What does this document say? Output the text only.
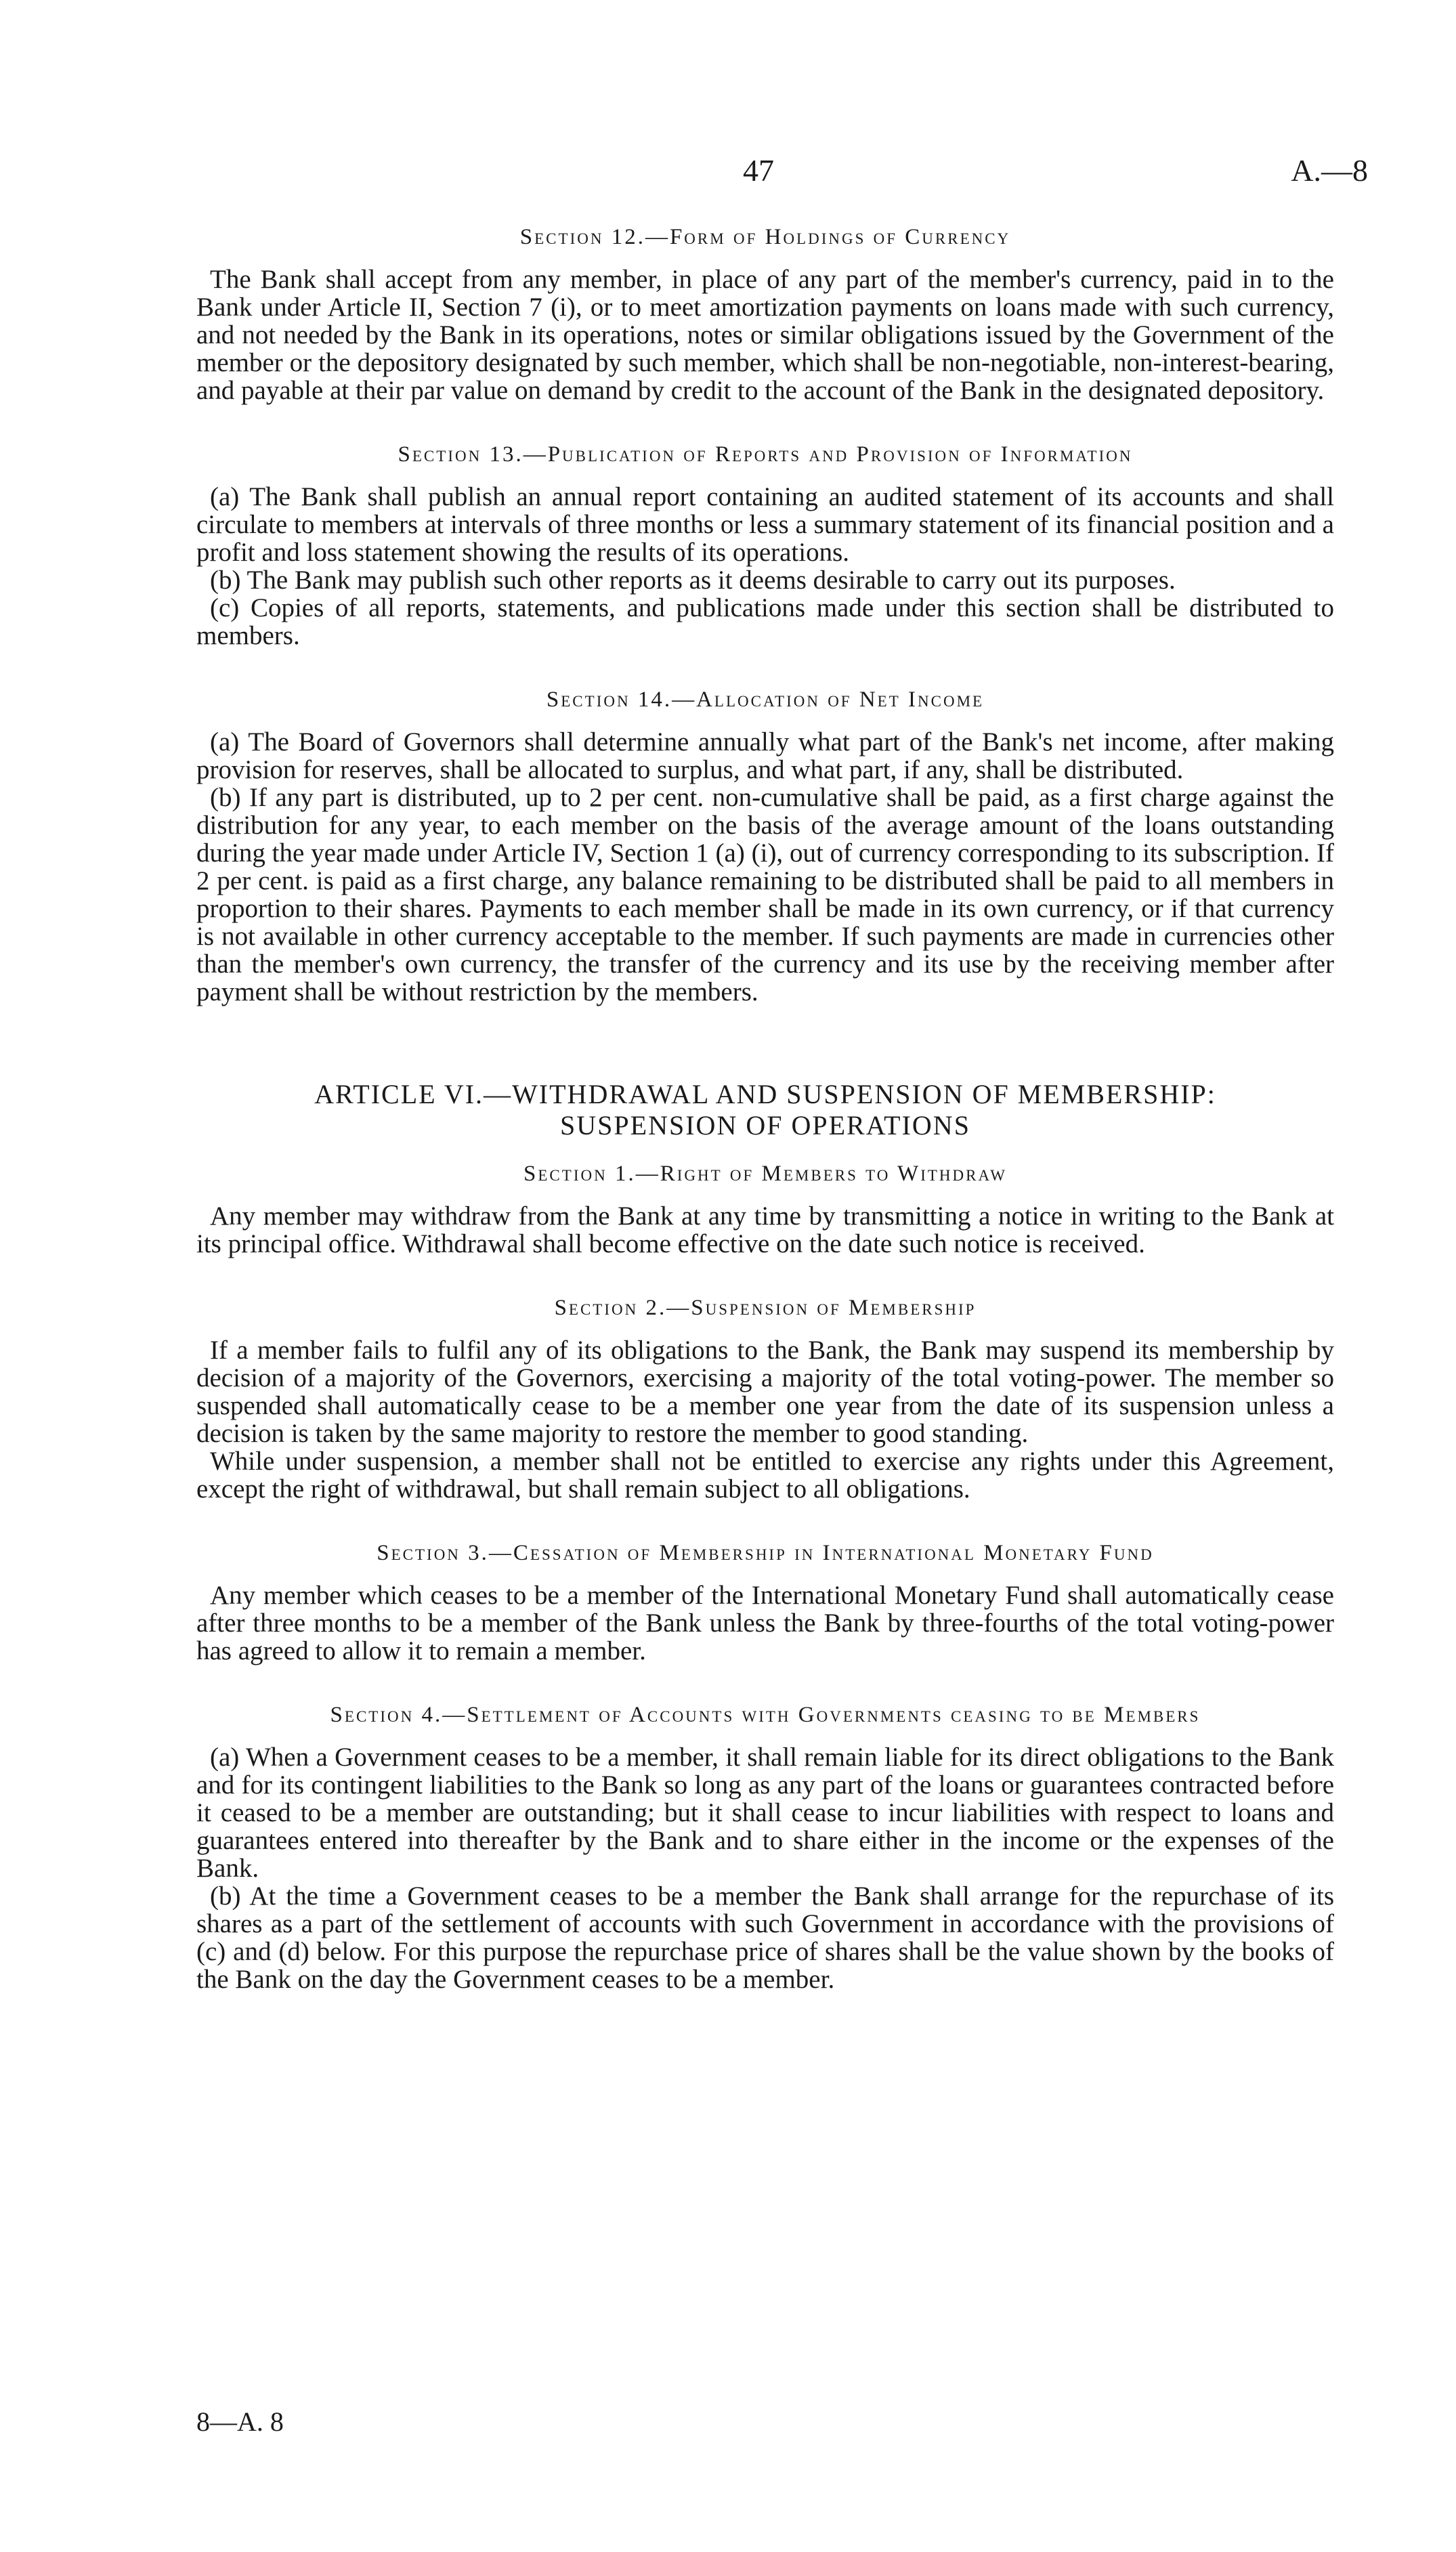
47	A.—8
Section 12.—Form of Holdings of Currency

The Bank shall accept from any member, in place of any part of the member's currency, paid in to the Bank under Article II, Section 7 (i), or to meet amortization payments on loans made with such currency, and not needed by the Bank in its operations, notes or similar obligations issued by the Government of the member or the depository designated by such member, which shall be non-negotiable, non-interest-bearing, and payable at their par value on demand by credit to the account of the Bank in the designated depository.

Section 13.—Publication of Reports and Provision of Information

(a) The Bank shall publish an annual report containing an audited statement of its accounts and shall circulate to members at intervals of three months or less a summary statement of its financial position and a profit and loss statement showing the results of its operations.

(b) The Bank may publish such other reports as it deems desirable to carry out its purposes.

(c) Copies of all reports, statements, and publications made under this section shall be distributed to members.

Section 14.—Allocation of Net Income

(a) The Board of Governors shall determine annually what part of the Bank's net income, after making provision for reserves, shall be allocated to surplus, and what part, if any, shall be distributed.

(b) If any part is distributed, up to 2 per cent. non-cumulative shall be paid, as a first charge against the distribution for any year, to each member on the basis of the average amount of the loans outstanding during the year made under Article IV, Section 1 (a) (i), out of currency corresponding to its subscription. If 2 per cent. is paid as a first charge, any balance remaining to be distributed shall be paid to all members in proportion to their shares. Payments to each member shall be made in its own currency, or if that currency is not available in other currency acceptable to the member. If such payments are made in currencies other than the member's own currency, the transfer of the currency and its use by the receiving member after payment shall be without restriction by the members.

ARTICLE VI.—WITHDRAWAL AND SUSPENSION OF MEMBERSHIP:
SUSPENSION OF OPERATIONS
Section 1.—Right of Members to Withdraw

Any member may withdraw from the Bank at any time by transmitting a notice in writing to the Bank at its principal office. Withdrawal shall become effective on the date such notice is received.

Section 2.—Suspension of Membership

If a member fails to fulfil any of its obligations to the Bank, the Bank may suspend its membership by decision of a majority of the Governors, exercising a majority of the total voting-power. The member so suspended shall automatically cease to be a member one year from the date of its suspension unless a decision is taken by the same majority to restore the member to good standing.

While under suspension, a member shall not be entitled to exercise any rights under this Agreement, except the right of withdrawal, but shall remain subject to all obligations.

Section 3.—Cessation of Membership in International Monetary Fund

Any member which ceases to be a member of the International Monetary Fund shall automatically cease after three months to be a member of the Bank unless the Bank by three-fourths of the total voting-power has agreed to allow it to remain a member.

Section 4.—Settlement of Accounts with Governments ceasing to be Members

(a) When a Government ceases to be a member, it shall remain liable for its direct obligations to the Bank and for its contingent liabilities to the Bank so long as any part of the loans or guarantees contracted before it ceased to be a member are outstanding; but it shall cease to incur liabilities with respect to loans and guarantees entered into thereafter by the Bank and to share either in the income or the expenses of the Bank.

(b) At the time a Government ceases to be a member the Bank shall arrange for the repurchase of its shares as a part of the settlement of accounts with such Government in accordance with the provisions of (c) and (d) below. For this purpose the repurchase price of shares shall be the value shown by the books of the Bank on the day the Government ceases to be a member.

8—A. 8
